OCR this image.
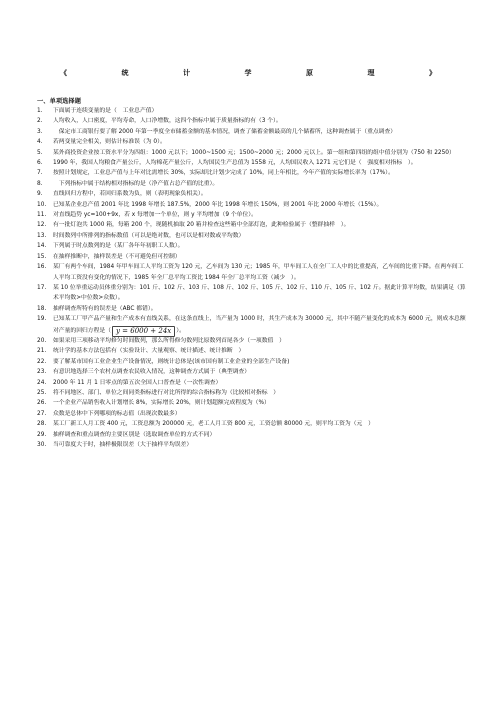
《	统	计	学	原	理	》
一、单项选择题
1.	下面属于连续变量的是（　工业总产值）
2.	人均收入，人口密度，平均寿命，人口净增数，这四个指标中属于质量指标的有（3 个）。
3.	　保定市工商银行要了解 2000 年第一季度全市储蓄金额的基本情况，调查了储蓄金额最高的几个储蓄所，这种调查属于（重点调查）
4.	若两变量完全相关，则估计标准误（为 0）。
5.	某外商投资企业按工资水平分为四组：1000 元以下；1000~1500 元；1500~2000 元；2000 元以上。第一组和第四组的组中值分别为（750 和 2250）
6.	1990 年，我国人均粮食产量公斤，人均棉花产量公斤，人均国民生产总值为 1558 元，人均国民收入 1271 元它们是（　强度相对指标　）。
7.	按照计划规定，工业总产值与上年对比需增长 30%，实际却比计划少完成了 10%，同上年相比，今年产值的实际增长率为（17%）。
8.	　下列指标中属于结构相对指标的是（净产值占总产值的比重）。
9.	直线回归方程中，若回归系数为负，则（表明现象负相关）。
10.	已知某企业总产值 2001 年比 1998 年增长 187.5%，2000 年比 1998 年增长 150%，则 2001 年比 2000 年增长（15%）。
11.	对直线趋势 yc=100+9x，若 x 每增加一个单位，则 y 平均增加（9 个单位）。
12.	有一批灯泡共 1000 箱，每箱 200 个，现随机抽取 20 箱并检查这些箱中全部灯泡，此种检验属于（整群抽样　）。
13.	时间数列中所排列的指标数值（可以是绝对数，也可以是相对数或平均数）
14.	下列属于时点数列的是（某厂各年年初职工人数）。
15.	在抽样推断中，抽样误差是（不可避免但可控制）
16.	某厂有两个车间，1984 年甲车间工人平均工资为 120 元，乙车间为 130 元；1985 年，甲车间工人在全厂工人中的比重提高，乙车间的比重下降。在两车间工人平均工资没有变化的情况下，1985 年全厂总平均工资比 1984 年全厂总平均工资（减少　）。
17.	某 10 位举重运动员体重分别为：101 斤、102 斤、103 斤、108 斤、102 斤、105 斤、102 斤、110 斤、105 斤、102 斤。据此计算平均数，结果满足（算术平均数>中位数>众数）。
18.	抽样调查所特有的误差是（ABC 都错）。
19.	已知某工厂甲产品产量和生产成本有直线关系，在这条直线上，当产量为 1000 时，其生产成本为 30000 元，其中不随产量变化的成本为 6000 元，则成本总额对产量的回归方程是（ y = 6000 + 24x ）。
20.	如果采用三项移动平均修匀时间数列，那么所得修匀数列比原数列首尾各少（一项数值　）
21.	统计学的基本方法包括有（实验设计、大量观察、统计描述、统计推断　）
22.	要了解某市国有工业企业生产设备情况，则统计总体是(该市国有制工业企业的全部生产设备)
23.	有意识地选择三个农村点调查农民收入情况，这种调查方式属于（典型调查）
24.	2000 年 11 月 1 日零点的第五次全国人口普查是（一次性调查）
25.	将不同地区、部门、单位之间同类指标进行对比所得的综合指标称为（比较相对指标　）
26.	一个企业产品销售收入计划增长 8%，实际增长 20%，则计划超额完成程度为（%）
27.	众数是总体中下列哪项的标志值（出现次数最多）
28.	某工厂新工人月工资 400 元，工资总额为 200000 元，老工人月工资 800 元，工资总额 80000 元，则平均工资为（元　）
29.	抽样调查和重点调查的主要区别是（选取调查单位的方式不同）
30.	当可靠度大于时，抽样极限误差（大于抽样平均误差）
